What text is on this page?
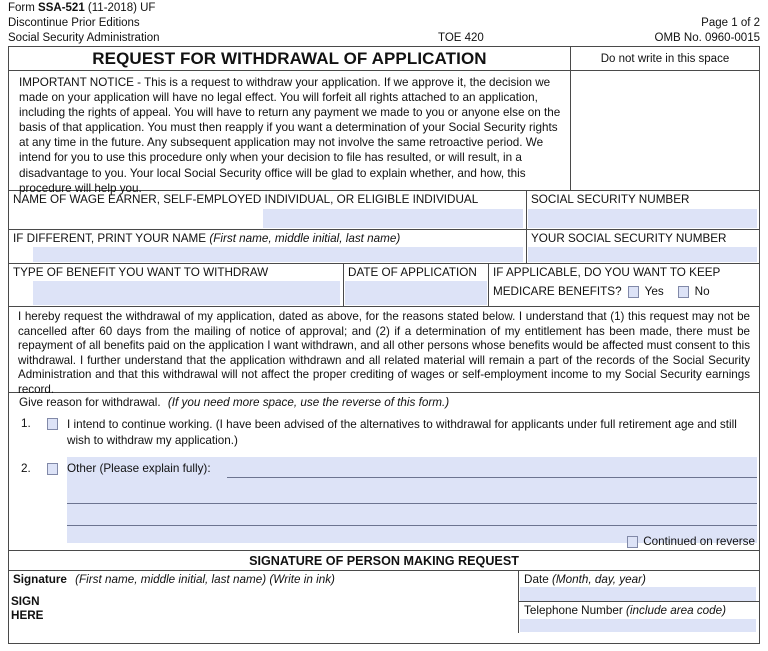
Form SSA-521 (11-2018) UF
Discontinue Prior Editions
Social Security Administration	TOE 420
Page 1 of 2
OMB No. 0960-0015
REQUEST FOR WITHDRAWAL OF APPLICATION	Do not write in this space
IMPORTANT NOTICE - This is a request to withdraw your application. If we approve it, the decision we made on your application will have no legal effect. You will forfeit all rights attached to an application, including the rights of appeal. You will have to return any payment we made to you or anyone else on the basis of that application. You must then reapply if you want a determination of your Social Security rights at any time in the future. Any subsequent application may not involve the same retroactive period. We intend for you to use this procedure only when your decision to file has resulted, or will result, in a disadvantage to you. Your local Social Security office will be glad to explain whether, and how, this procedure will help you.
NAME OF WAGE EARNER, SELF-EMPLOYED INDIVIDUAL, OR ELIGIBLE INDIVIDUAL	SOCIAL SECURITY NUMBER
IF DIFFERENT, PRINT YOUR NAME (First name, middle initial, last name)	YOUR SOCIAL SECURITY NUMBER
TYPE OF BENEFIT YOU WANT TO WITHDRAW	DATE OF APPLICATION	IF APPLICABLE, DO YOU WANT TO KEEP
MEDICARE BENEFITS? Yes	No
I hereby request the withdrawal of my application, dated as above, for the reasons stated below. I understand that (1) this request may not be cancelled after 60 days from the mailing of notice of approval; and (2) if a determination of my entitlement has been made, there must be repayment of all benefits paid on the application I want withdrawn, and all other persons whose benefits would be affected must consent to this withdrawal. I further understand that the application withdrawn and all related material will remain a part of the records of the Social Security Administration and that this withdrawal will not affect the proper crediting of wages or self-employment income to my Social Security earnings record.
Give reason for withdrawal. (If you need more space, use the reverse of this form.)
1.	I intend to continue working. (I have been advised of the alternatives to withdrawal for applicants under full retirement age and still wish to withdraw my application.)
2.	Other (Please explain fully):
Continued on reverse
SIGNATURE OF PERSON MAKING REQUEST
Signature (First name, middle initial, last name) (Write in ink)
SIGN
HERE
Date (Month, day, year)
Telephone Number (include area code)
